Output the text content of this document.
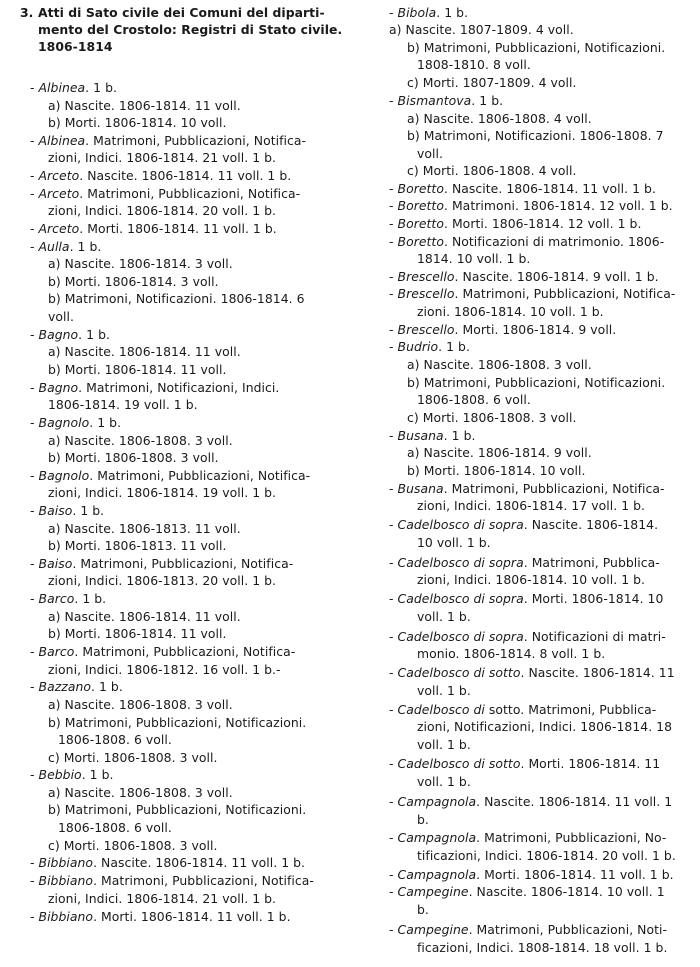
3. Atti di Sato civile dei Comuni del diparti-
mento del Crostolo: Registri di Stato civile.
1806-1814
- Albinea. 1 b.
a) Nascite. 1806-1814. 11 voll.
b) Morti. 1806-1814. 10 voll.
- Albinea. Matrimoni, Pubblicazioni, Notifica-
zioni, Indici. 1806-1814. 21 voll. 1 b.
- Arceto. Nascite. 1806-1814. 11 voll. 1 b.
- Arceto. Matrimoni, Pubblicazioni, Notifica-
zioni, Indici. 1806-1814. 20 voll. 1 b.
- Arceto. Morti. 1806-1814. 11 voll. 1 b.
- Aulla. 1 b.
a) Nascite. 1806-1814. 3 voll.
b) Morti. 1806-1814. 3 voll.
b) Matrimoni, Notificazioni. 1806-1814. 6
voll.
- Bagno. 1 b.
a) Nascite. 1806-1814. 11 voll.
b) Morti. 1806-1814. 11 voll.
- Bagno. Matrimoni, Notificazioni, Indici.
1806-1814. 19 voll. 1 b.
- Bagnolo. 1 b.
a) Nascite. 1806-1808. 3 voll.
b) Morti. 1806-1808. 3 voll.
- Bagnolo. Matrimoni, Pubblicazioni, Notifica-
zioni, Indici. 1806-1814. 19 voll. 1 b.
- Baiso. 1 b.
a) Nascite. 1806-1813. 11 voll.
b) Morti. 1806-1813. 11 voll.
- Baiso. Matrimoni, Pubblicazioni, Notifica-
zioni, Indici. 1806-1813. 20 voll. 1 b.
- Barco. 1 b.
a) Nascite. 1806-1814. 11 voll.
b) Morti. 1806-1814. 11 voll.
- Barco. Matrimoni, Pubblicazioni, Notifica-
zioni, Indici. 1806-1812. 16 voll. 1 b.-
- Bazzano. 1 b.
a) Nascite. 1806-1808. 3 voll.
b) Matrimoni, Pubblicazioni, Notificazioni.
1806-1808. 6 voll.
c) Morti. 1806-1808. 3 voll.
- Bebbio. 1 b.
a) Nascite. 1806-1808. 3 voll.
b) Matrimoni, Pubblicazioni, Notificazioni.
1806-1808. 6 voll.
c) Morti. 1806-1808. 3 voll.
- Bibbiano. Nascite. 1806-1814. 11 voll. 1 b.
- Bibbiano. Matrimoni, Pubblicazioni, Notifica-
zioni, Indici. 1806-1814. 21 voll. 1 b.
- Bibbiano. Morti. 1806-1814. 11 voll. 1 b.
- Bibola. 1 b.
a) Nascite. 1807-1809. 4 voll.
b) Matrimoni, Pubblicazioni, Notificazioni.
1808-1810. 8 voll.
c) Morti. 1807-1809. 4 voll.
- Bismantova. 1 b.
a) Nascite. 1806-1808. 4 voll.
b) Matrimoni, Notificazioni. 1806-1808. 7
voll.
c) Morti. 1806-1808. 4 voll.
- Boretto. Nascite. 1806-1814. 11 voll. 1 b.
- Boretto. Matrimoni. 1806-1814. 12 voll. 1 b.
- Boretto. Morti. 1806-1814. 12 voll. 1 b.
- Boretto. Notificazioni di matrimonio. 1806-
1814. 10 voll. 1 b.
- Brescello. Nascite. 1806-1814. 9 voll. 1 b.
- Brescello. Matrimoni, Pubblicazioni, Notifica-
zioni. 1806-1814. 10 voll. 1 b.
- Brescello. Morti. 1806-1814. 9 voll.
- Budrio. 1 b.
a) Nascite. 1806-1808. 3 voll.
b) Matrimoni, Pubblicazioni, Notificazioni.
1806-1808. 6 voll.
c) Morti. 1806-1808. 3 voll.
- Busana. 1 b.
a) Nascite. 1806-1814. 9 voll.
b) Morti. 1806-1814. 10 voll.
- Busana. Matrimoni, Pubblicazioni, Notifica-
zioni, Indici. 1806-1814. 17 voll. 1 b.
- Cadelbosco di sopra. Nascite. 1806-1814.
10 voll. 1 b.
- Cadelbosco di sopra. Matrimoni, Pubblica-
zioni, Indici. 1806-1814. 10 voll. 1 b.
- Cadelbosco di sopra. Morti. 1806-1814. 10
voll. 1 b.
- Cadelbosco di sopra. Notificazioni di matri-
monio. 1806-1814. 8 voll. 1 b.
- Cadelbosco di sotto. Nascite. 1806-1814. 11
voll. 1 b.
- Cadelbosco di sotto. Matrimoni, Pubblica-
zioni, Notificazioni, Indici. 1806-1814. 18
voll. 1 b.
- Cadelbosco di sotto. Morti. 1806-1814. 11
voll. 1 b.
- Campagnola. Nascite. 1806-1814. 11 voll. 1
b.
- Campagnola. Matrimoni, Pubblicazioni, No-
tificazioni, Indici. 1806-1814. 20 voll. 1 b.
- Campagnola. Morti. 1806-1814. 11 voll. 1 b.
- Campegine. Nascite. 1806-1814. 10 voll. 1
b.
- Campegine. Matrimoni, Pubblicazioni, Noti-
ficazioni, Indici. 1808-1814. 18 voll. 1 b.
